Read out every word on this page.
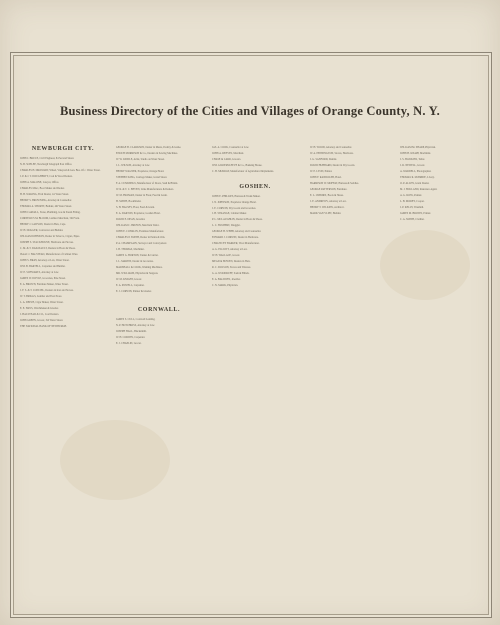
Business Directory of the Cities and Villages of Orange County, N. Y.
NEWBURGH CITY.
JOHN J. BRUCE, Civil Engineer, 84 Second Street.
N. B. SCHLEE, Newburgh Telegraph Post Office.
CHARLES H. DROWART, Wheel, Vineyard & Gen. Bus. Of c. Water Street.
J. P. & J. T. DOUGHERTY, Coal & Wood Dealers.
JOHN A. MALONE, Lawyer, Office.
CHARLES MAC, Boot Maker and Dealer.
H. H. WAKING, Fruit Dealer, 1st Water Street.
HENRY S. BROWNING, Attorney & Counsellor.
THOMAS A. SHORTT, Builder, 4th Water Street.
JOHN CARGILL, Stone, Plumbing, Gas & Steam Fitting.
CORNELIUS M. BLOOM, Lumber Merchant, 5th Front.
HENRY J. LAWSON, Dealer in Hats, Caps.
W. H. DOGGER, Contractor and Builder.
WILLIAM JOHNSON, Dealer in Tobacco, Cigars, Pipes.
JOSEPH S. STACKHOUSE, Hardware and Stoves.
C. M. & T. DAIGNAULT, Dealers in Boots & Shoes.
ISAAC J. HALSTEAD, Manufacturer of Cabinet Ware.
JOHN S. BRAY, Attorney at Law, Water Street.
WM. B. BARTELL, Carpenter and Builder.
W. E. SCHWARTZ, Attorney at Law.
JAMES W. DOYLE, Groceries, Pine Street.
E. A. BROWN, Furniture Maker, Water Street.
J. F. S. & T. CONCIEL, Dealers in Iron and Stoves.
W. T. BRIGGS, Lumber and Feed Store.
L. A. DEPUE, Cigar Maker, Water Street.
E. E. HAYS, Watchmaker & Jeweler.
J. HALSTEAD & CO., Coal Dealers.
JOHN GREEN, Grocer, 3rd Water Street.
THE NATIONAL BANK OF NEWBURGH.
GEORGE B. CLARKSON, Dealer in Meats, Poultry & Game.
ENOCH MORRISON & Co., Dealers in Sewing Machines.
W. W. LIDDLE, Artist, Studio on Water Street.
J. L. WILSON, Attorney at Law.
HENRY WAGNER, Proprietor, Orange Hotel.
STEPHEN KING, Carriage Maker, Grand Street.
F. A. CUMMINGS, Manufacturer of Doors, Sash & Blinds.
W. R. & T. C. BEVEN, Lime Manufacturers & Dealers.
W. M. FROMAN, Dealer in Flour, Feed & Grain.
H. SMITH, Bookbinder.
S. H. HALSEY, Flour, Feed & Grain.
E. A. DARTON, Proprietor, Goshen Hotel.
DAVID E. DEAN, Jeweller.
WILLIAM C. BROWN, Merchant Tailor.
JOHN E. CONKLIN, Furniture Manufacturer.
CHARLES P. SMITH, Dealer in Paints & Oils.
P. A. CHAMPLAIN, Surveyor and Conveyancer.
J. B. THOMAS, Machinist.
JAMES G. HORTON, Tanner & Currier.
J. L. MARTIN, Dealer in Groceries.
MARSHALL & COOK, Washing Machines.
MR. WILLIAMS, Physician & Surgeon.
W. M. KNIGHT, Grocer.
E. A. POWELL, Carpenter.
E. J. CORWIN, Painter & Glazier.
CORNWALL.
JAMES S. CULL, Cornwall Landing.
N. P. HOTCHKISS, Attorney at Law.
JOSEPH HALL, Blacksmith.
W. H. CORWIN, Carpenter.
E. J. CHAPLIN, Grocer.
JAS. A. COOK, Counsellor at Law.
JOHN A. REEVES, Merchant.
CHASE & CARR, Grocers.
WM. GILDERSLEEVE & Co., Banking House.
C. H. MURRAY, Manufacturer of Agricultural Implements.
GOSHEN.
JOHN E. PHILLIPS, Harness & Trunk Maker.
J. N. JOHNSON, Proprietor Orange Hotel.
J. E. CORWIN, Dry Goods and Groceries.
J. H. STRANGE, Cabinet Maker.
P. L. MCLAUGHLIN, Dealer in Boots & Shoes.
L. C. HULBERT, Druggist.
GEORGE H. WEBB, Attorney and Counsellor.
EDWARD J. CORWIN, Dealer in Hardware.
CHAUNCEY BARKER, Wool Manufacturer.
A. G. ELLIOTT, Attorney at Law.
W. H. WALLACE, Grocer.
MEAD & BOWEN, Dealers in Hats.
R. C. DOLSON, Stoves and Tinware.
G. A. WOODRUFF, Sash & Blinds.
E. A. BALDWIN, Jeweller.
C. N. MARK, Physician.
W. H. WOOD, Attorney and Counsellor.
W. A. PENNINGTON, Stoves, Hardware.
J. G. SANFORD, Dentist.
DAVID HUBBARD, Dealer in Dry Goods.
W. E. LYON, Printer.
JOHN F. RANDOLPH, Hotel.
HARRISON W. MOFFAT, Harness & Saddles.
GEORGE PATTERSON, Furniture.
E. L. OSBORN, Boots & Shoes.
J. E. ANDREWS, Attorney at Law.
HENRY T. WILKINS, Architect.
MARK VAN VLIET, Builder.
WILLIAM M. SHARP, Physician.
JOHN H. KNAPP, Machinist.
J. S. HAWKINS, Tailor.
J. R. NEWELL, Grocer.
A. WARDELL, Photographer.
THOMAS R. McBRIDE, Livery.
O. P. ALLEN, Grain Dealer.
M. J. HOLLAND, Insurance Agent.
A. G. ROSS, Painter.
L. B. MOREY, Cooper.
J. P. KELLY, Tinsmith.
JAMES M. BROWN, Printer.
C. A. SMITH, Clothier.
